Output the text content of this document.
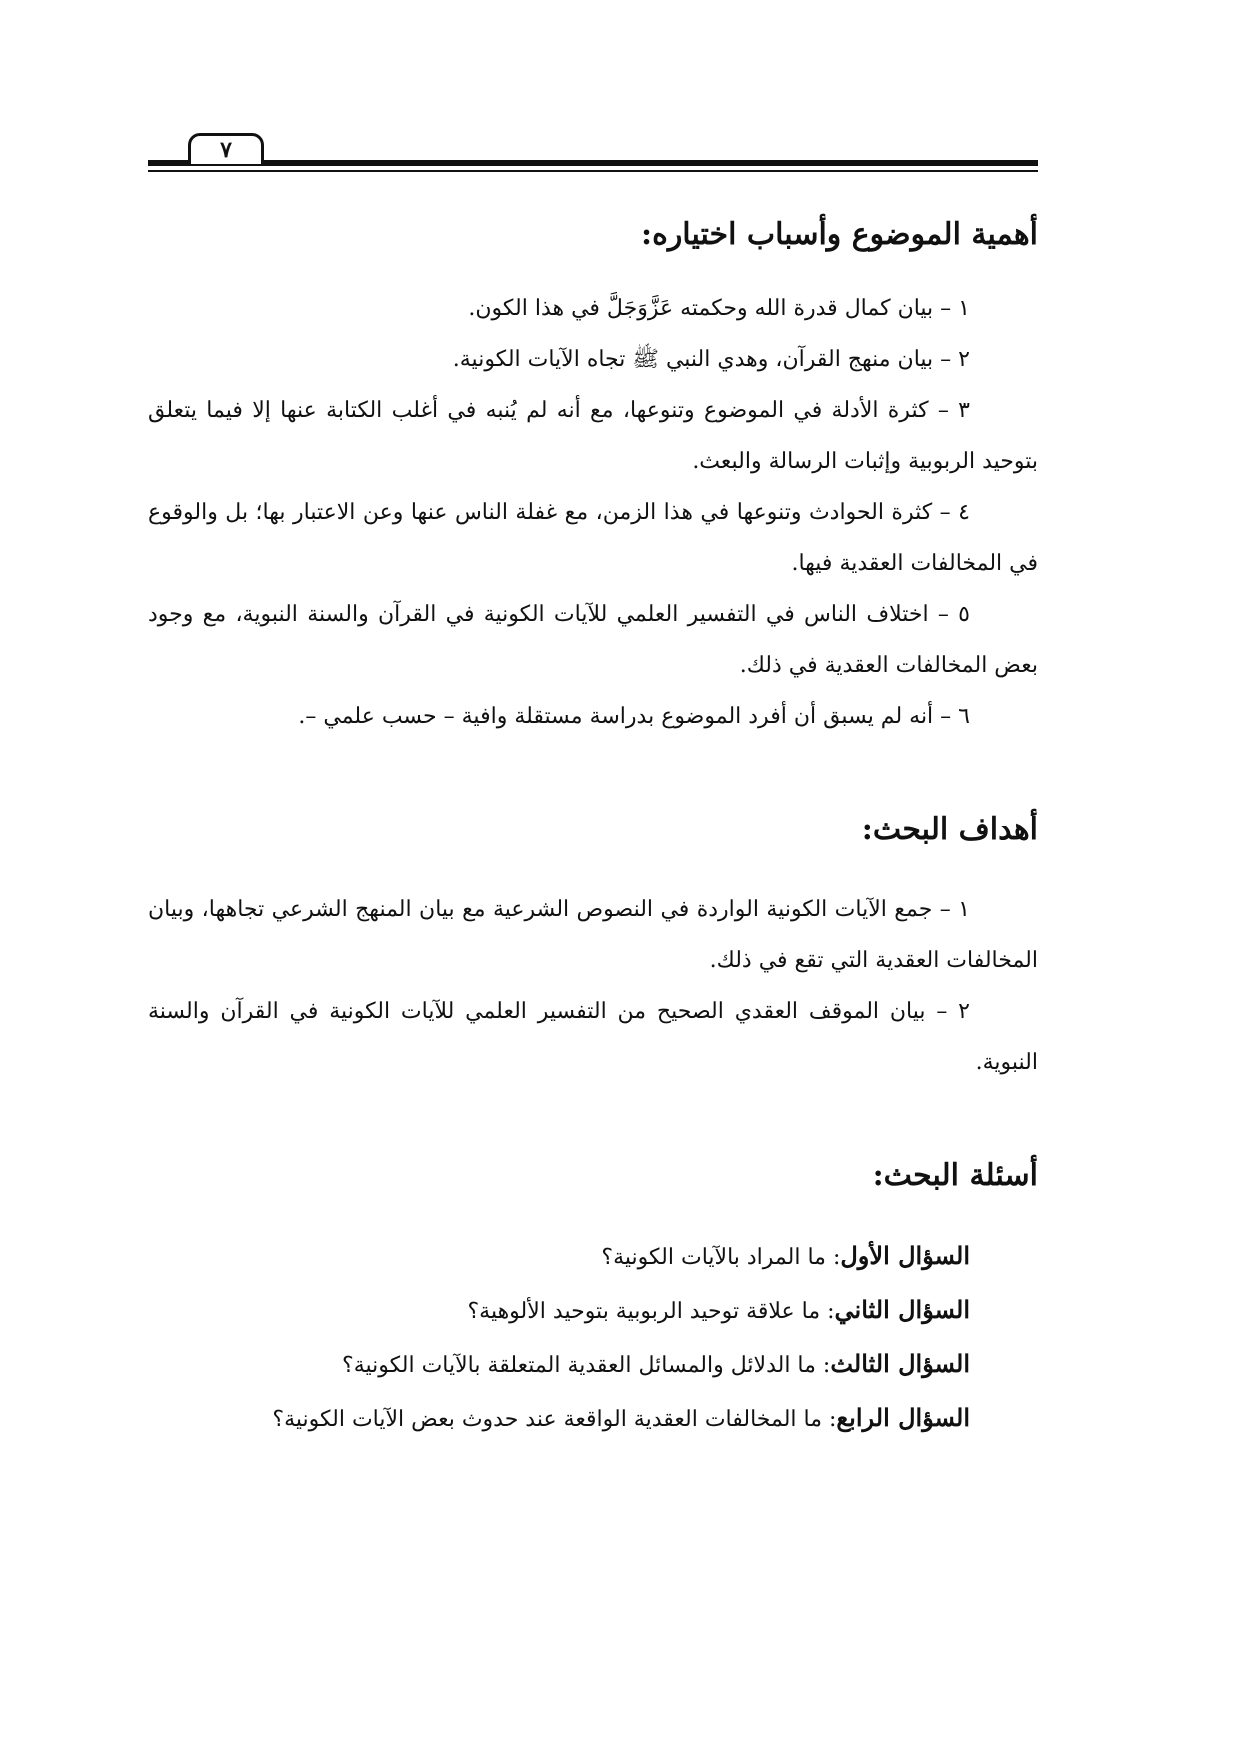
٧
أهمية الموضوع وأسباب اختياره:

١ – بيان كمال قدرة الله وحكمته عَزَّوَجَلَّ في هذا الكون.

٢ – بيان منهج القرآن، وهدي النبي ﷺ تجاه الآيات الكونية.

٣ – كثرة الأدلة في الموضوع وتنوعها، مع أنه لم يُنبه في أغلب الكتابة عنها إلا فيما يتعلق بتوحيد الربوبية وإثبات الرسالة والبعث.

٤ – كثرة الحوادث وتنوعها في هذا الزمن، مع غفلة الناس عنها وعن الاعتبار بها؛ بل والوقوع في المخالفات العقدية فيها.

٥ – اختلاف الناس في التفسير العلمي للآيات الكونية في القرآن والسنة النبوية، مع وجود بعض المخالفات العقدية في ذلك.

٦ – أنه لم يسبق أن أفرد الموضوع بدراسة مستقلة وافية – حسب علمي –.

أهداف البحث:

١ – جمع الآيات الكونية الواردة في النصوص الشرعية مع بيان المنهج الشرعي تجاهها، وبيان المخالفات العقدية التي تقع في ذلك.

٢ – بيان الموقف العقدي الصحيح من التفسير العلمي للآيات الكونية في القرآن والسنة النبوية.

أسئلة البحث:

السؤال الأول: ما المراد بالآيات الكونية؟

السؤال الثاني: ما علاقة توحيد الربوبية بتوحيد الألوهية؟

السؤال الثالث: ما الدلائل والمسائل العقدية المتعلقة بالآيات الكونية؟

السؤال الرابع: ما المخالفات العقدية الواقعة عند حدوث بعض الآيات الكونية؟
